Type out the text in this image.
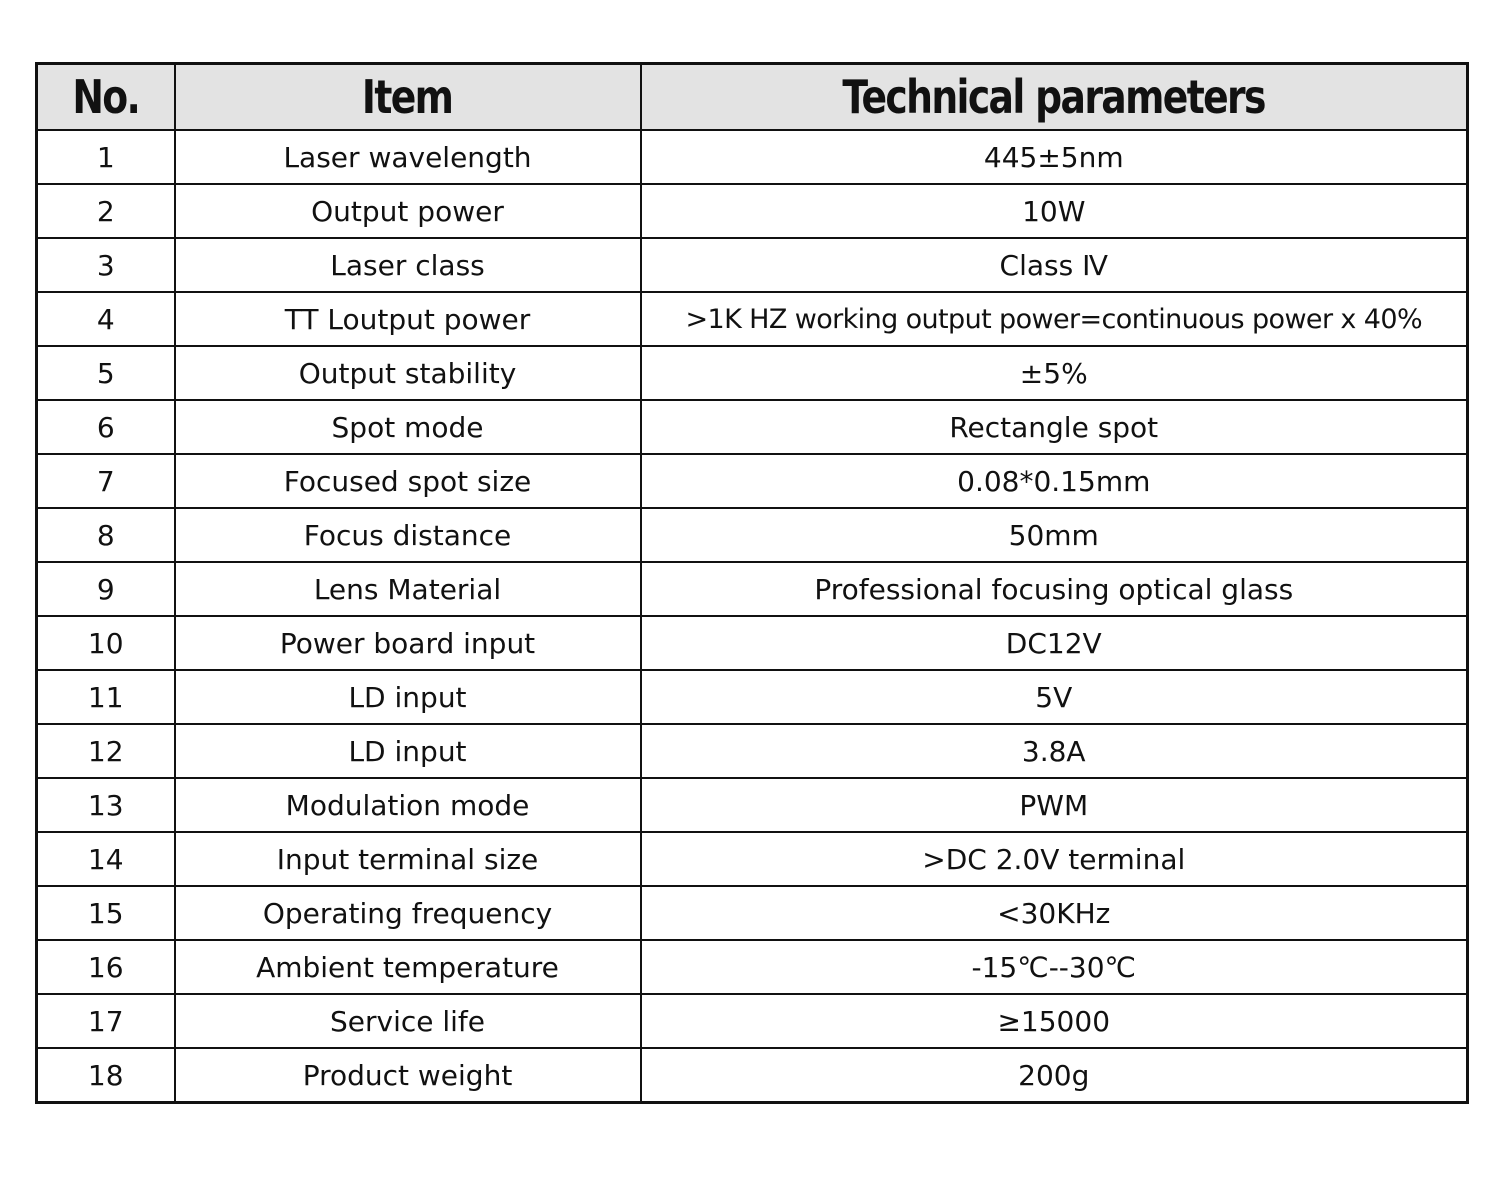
No.	Item	Technical parameters
1	Laser wavelength	445±5nm
2	Output power	10W
3	Laser class	Class Ⅳ
4	TT Loutput power	>1K HZ working output power=continuous power x 40%
5	Output stability	±5%
6	Spot mode	Rectangle spot
7	Focused spot size	0.08*0.15mm
8	Focus distance	50mm
9	Lens Material	Professional focusing optical glass
10	Power board input	DC12V
11	LD input	5V
12	LD input	3.8A
13	Modulation mode	PWM
14	Input terminal size	>DC 2.0V terminal
15	Operating frequency	<30KHz
16	Ambient temperature	-15℃--30℃
17	Service life	≥15000
18	Product weight	200g
